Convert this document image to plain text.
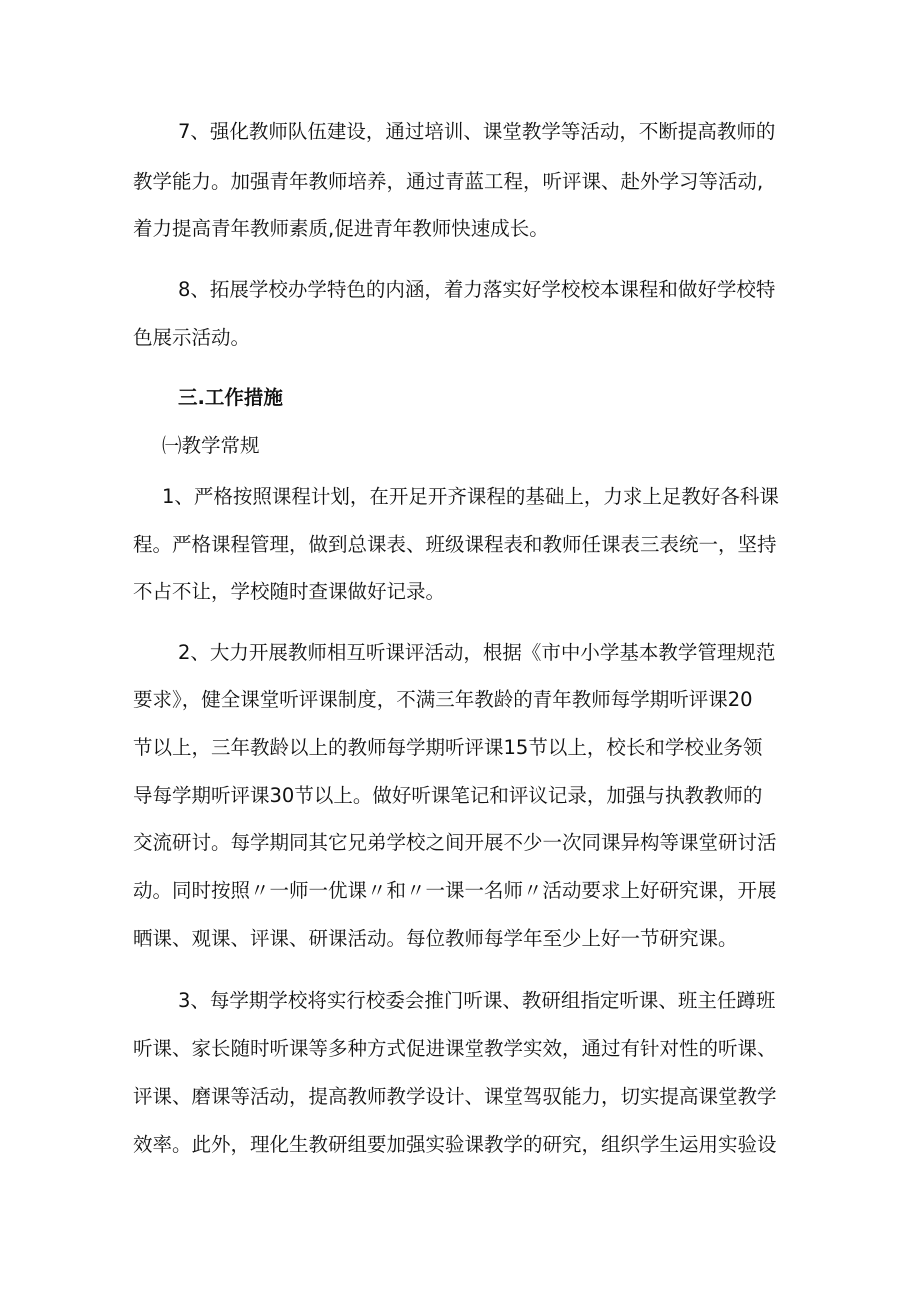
7、强化教师队伍建设，通过培训、课堂教学等活动，不断提高教师的
教学能力。加强青年教师培养，通过青蓝工程，听评课、赴外学习等活动,
着力提高青年教师素质,促进青年教师快速成长。
8、拓展学校办学特色的内涵，着力落实好学校校本课程和做好学校特
色展示活动。
三.工作措施
㈠教学常规
1、严格按照课程计划，在开足开齐课程的基础上，力求上足教好各科课
程。严格课程管理，做到总课表、班级课程表和教师任课表三表统一，坚持
不占不让，学校随时查课做好记录。
2、大力开展教师相互听课评活动，根据《市中小学基本教学管理规范
要求》，健全课堂听评课制度，不满三年教龄的青年教师每学期听评课20
节以上，三年教龄以上的教师每学期听评课15节以上，校长和学校业务领
导每学期听评课30节以上。做好听课笔记和评议记录，加强与执教教师的
交流研讨。每学期同其它兄弟学校之间开展不少一次同课异构等课堂研讨活
动。同时按照〃一师一优课〃和〃一课一名师〃活动要求上好研究课，开展
晒课、观课、评课、研课活动。每位教师每学年至少上好一节研究课。
3、每学期学校将实行校委会推门听课、教研组指定听课、班主任蹲班
听课、家长随时听课等多种方式促进课堂教学实效，通过有针对性的听课、
评课、磨课等活动，提高教师教学设计、课堂驾驭能力，切实提高课堂教学
效率。此外，理化生教研组要加强实验课教学的研究，组织学生运用实验设
